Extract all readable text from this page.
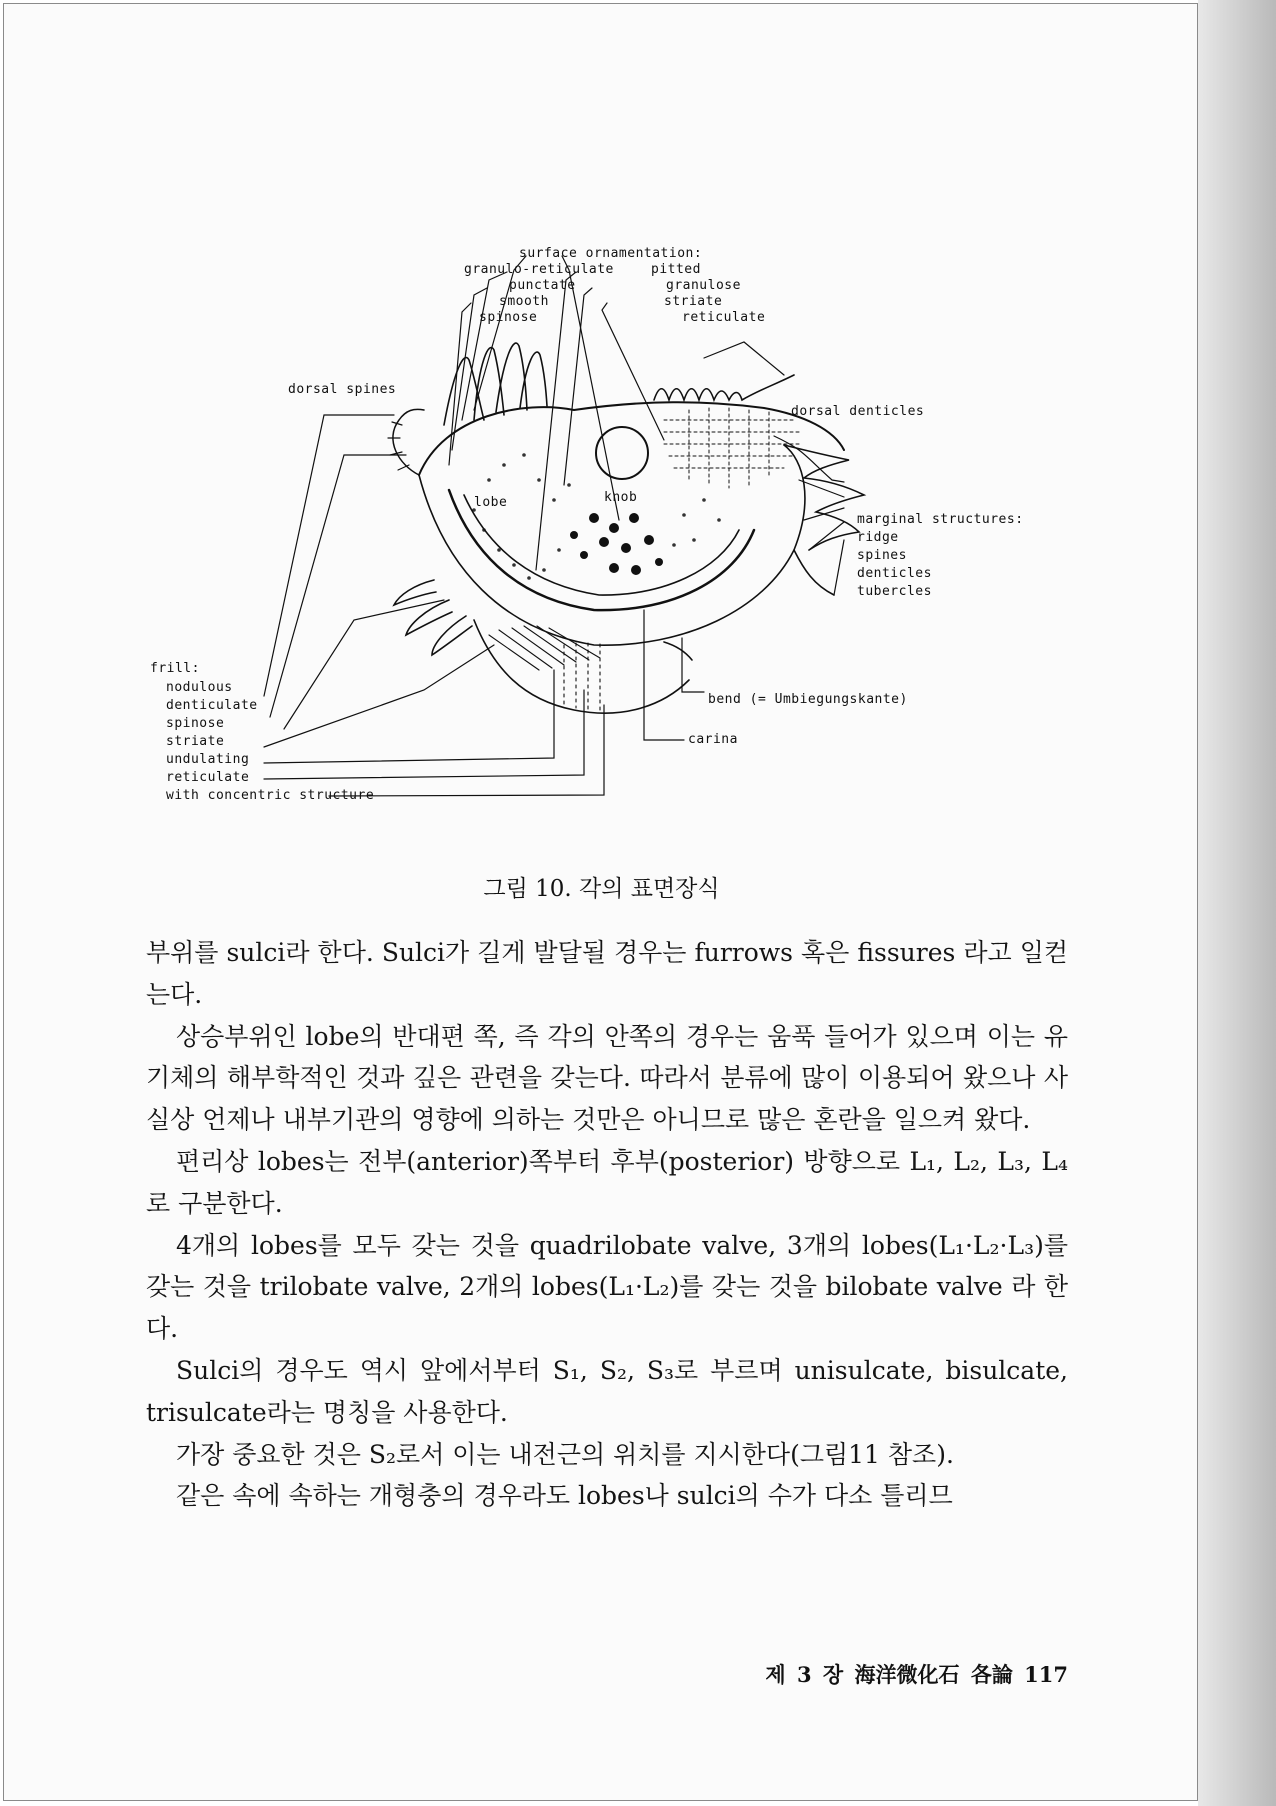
surface ornamentation:
granulo-reticulate
punctate
smooth
spinose
pitted
granulose
striate
reticulate
dorsal spines
dorsal denticles
lobe	knob
marginal structures:
ridge
spines
denticles
tubercles
frill:
nodulous
denticulate
spinose
striate
undulating
reticulate
with concentric structure
bend (= Umbiegungskante)
carina
그림 10. 각의 표면장식

부위를 sulci라 한다. Sulci가 길게 발달될 경우는 furrows 혹은 fissures 라고 일컫는다.

상승부위인 lobe의 반대편 쪽, 즉 각의 안쪽의 경우는 움푹 들어가 있으며 이는 유기체의 해부학적인 것과 깊은 관련을 갖는다. 따라서 분류에 많이 이용되어 왔으나 사실상 언제나 내부기관의 영향에 의하는 것만은 아니므로 많은 혼란을 일으켜 왔다.

편리상 lobes는 전부(anterior)쪽부터 후부(posterior) 방향으로 L₁, L₂, L₃, L₄로 구분한다.

4개의 lobes를 모두 갖는 것을 quadrilobate valve, 3개의 lobes(L₁·L₂·L₃)를 갖는 것을 trilobate valve, 2개의 lobes(L₁·L₂)를 갖는 것을 bilobate valve 라 한다.

Sulci의 경우도 역시 앞에서부터 S₁, S₂, S₃로 부르며 unisulcate, bisulcate, trisulcate라는 명칭을 사용한다.

가장 중요한 것은 S₂로서 이는 내전근의 위치를 지시한다(그림11 참조).

같은 속에 속하는 개형충의 경우라도 lobes나 sulci의 수가 다소 틀리므

제 3 장 海洋微化石 各論 117
